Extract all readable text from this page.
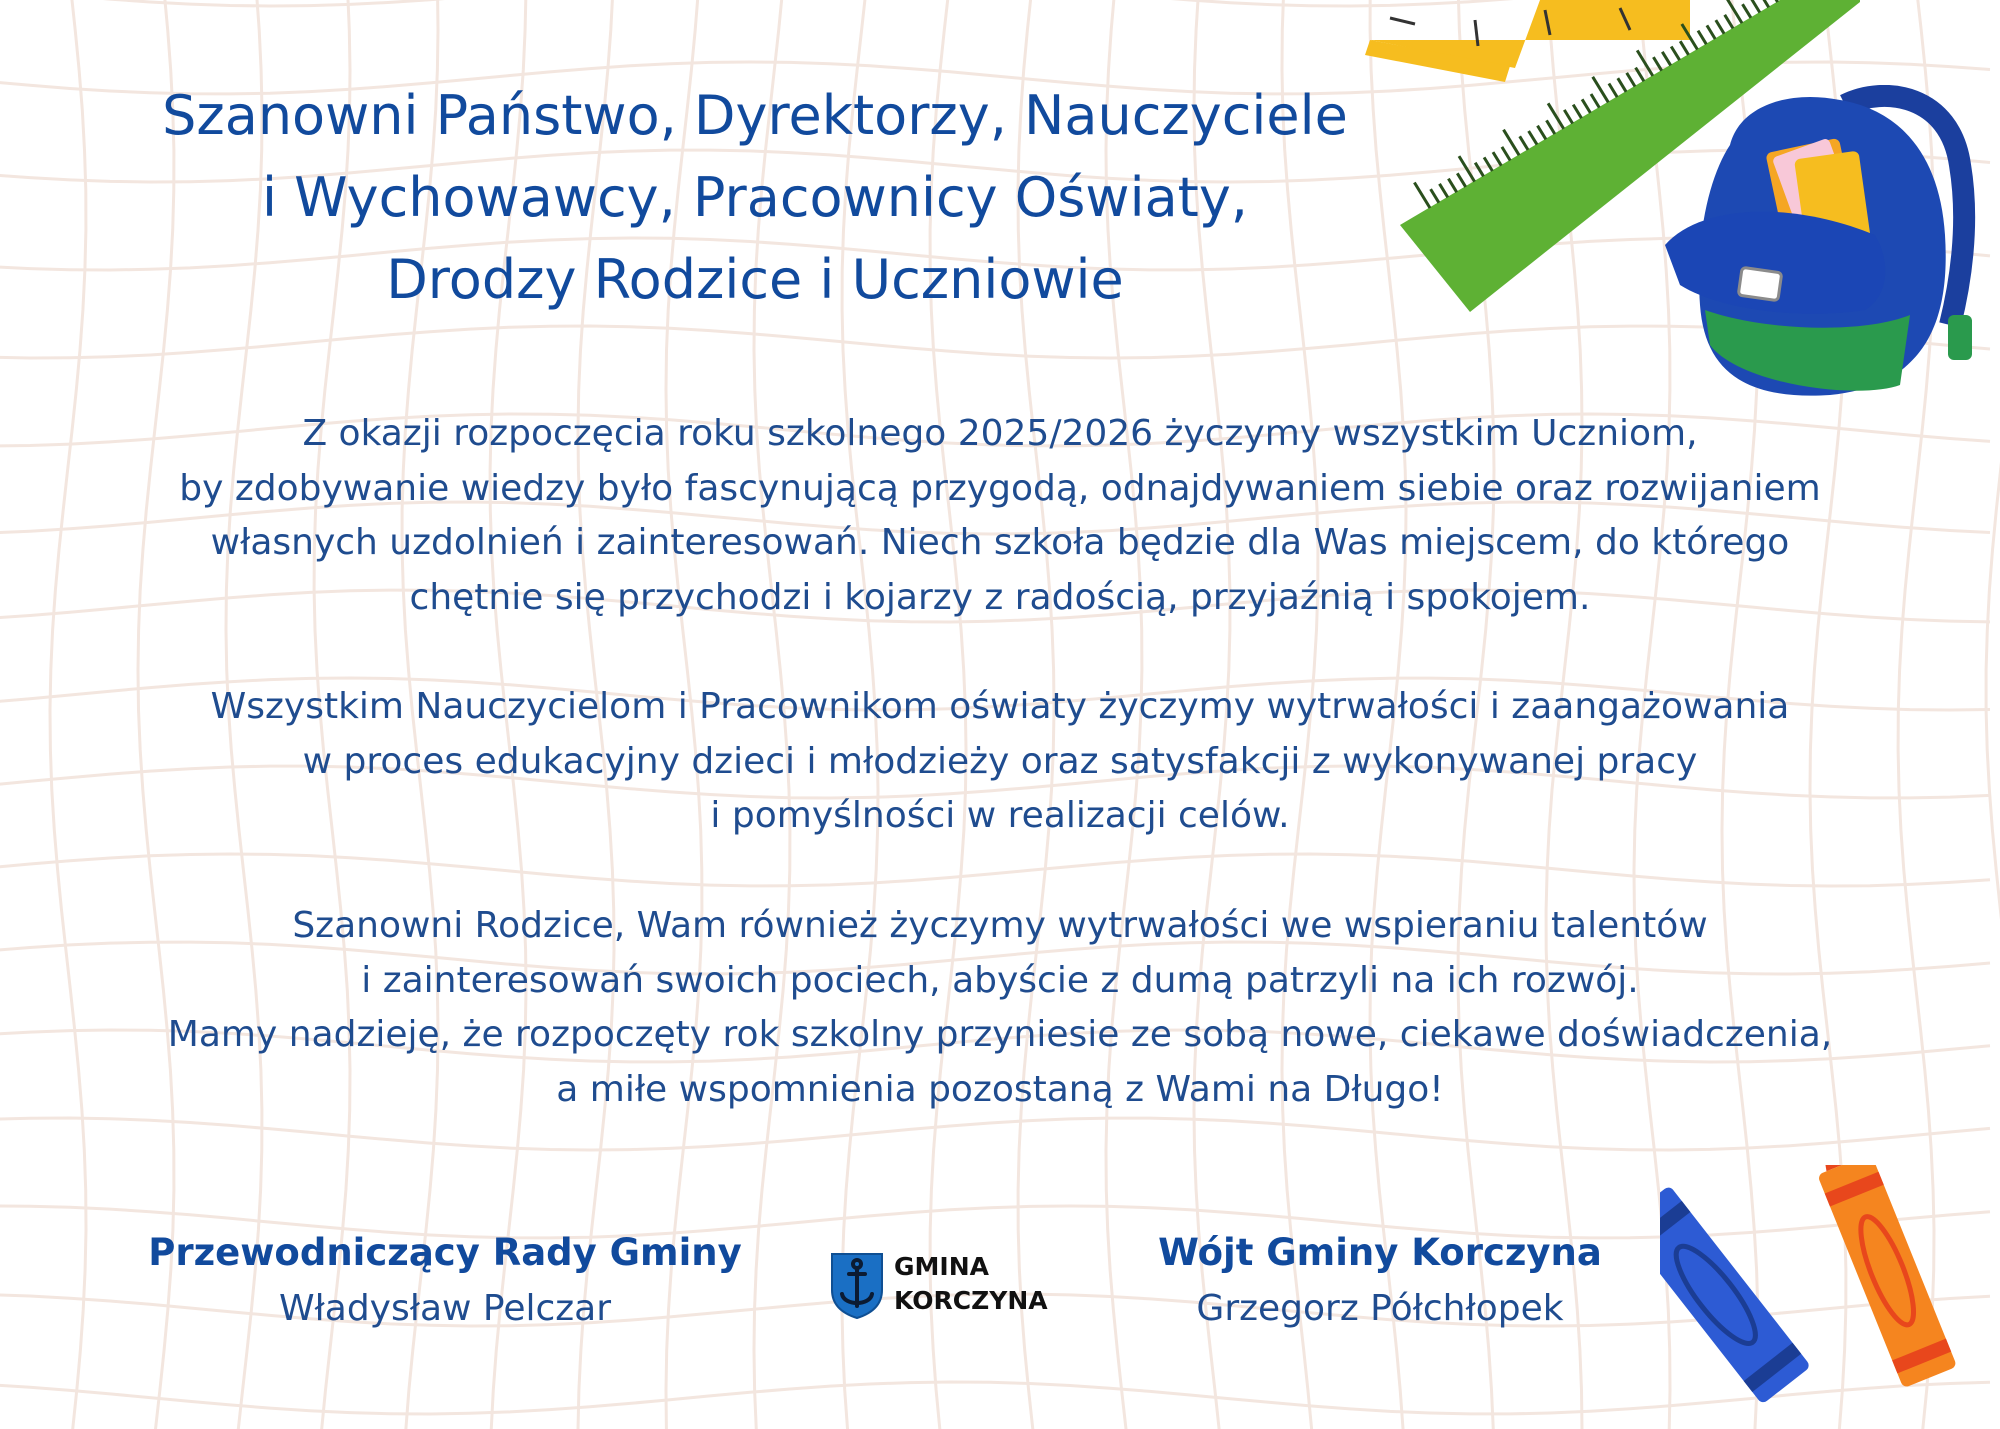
Szanowni Państwo, Dyrektorzy, Nauczyciele
i Wychowawcy, Pracownicy Oświaty,
Drodzy Rodzice i Uczniowie

Z okazji rozpoczęcia roku szkolnego 2025/2026 życzymy wszystkim Uczniom,
by zdobywanie wiedzy było fascynującą przygodą, odnajdywaniem siebie oraz rozwijaniem
własnych uzdolnień i zainteresowań. Niech szkoła będzie dla Was miejscem, do którego
chętnie się przychodzi i kojarzy z radością, przyjaźnią i spokojem.

Wszystkim Nauczycielom i Pracownikom oświaty życzymy wytrwałości i zaangażowania
w proces edukacyjny dzieci i młodzieży oraz satysfakcji z wykonywanej pracy
i pomyślności w realizacji celów.

Szanowni Rodzice, Wam również życzymy wytrwałości we wspieraniu talentów
i zainteresowań swoich pociech, abyście z dumą patrzyli na ich rozwój.
Mamy nadzieję, że rozpoczęty rok szkolny przyniesie ze sobą nowe, ciekawe doświadczenia,
a miłe wspomnienia pozostaną z Wami na Długo!

Przewodniczący Rady Gminy
Władysław Pelczar
GMINA
KORCZYNA
Wójt Gminy Korczyna
Grzegorz Półchłopek
